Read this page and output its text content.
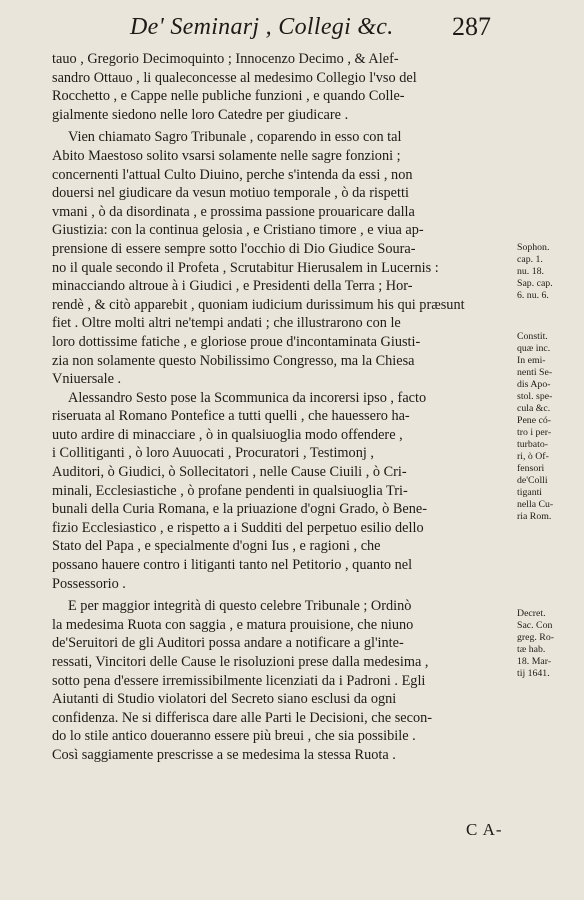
De' Seminarj , Collegi &c. 287
tauo , Gregorio Decimoquinto ; Innocenzo Decimo , & Alef-
sandro Ottauo , li qualeconcesse al medesimo Collegio l'vso del
Rocchetto , e Cappe nelle publiche funzioni , e quando Colle-
gialmente siedono nelle loro Catedre per giudicare .
Vien chiamato Sagro Tribunale , coparendo in esso con tal
Abito Maestoso solito vsarsi solamente nelle sagre fonzioni ;
concernenti l'attual Culto Diuino, perche s'intenda da essi , non
douersi nel giudicare da vesun motiuo temporale , ò da rispetti
vmani , ò da disordinata , e prossima passione prouaricare dalla
Giustizia: con la continua gelosia , e Cristiano timore , e viua ap-
prensione di essere sempre sotto l'occhio di Dio Giudice Soura-
no il quale secondo il Profeta , Scrutabitur Hierusalem in Lucernis :
minacciando altroue à i Giudici , e Presidenti della Terra ; Hor-
rendè , & citò apparebit , quoniam iudicium durissimum his qui præsunt
fiet . Oltre molti altri ne'tempi andati ; che illustrarono con le
loro dottissime fatiche , e gloriose proue d'incontaminata Giusti-
zia non solamente questo Nobilissimo Congresso, ma la Chiesa
Vniuersale .
Alessandro Sesto pose la Scommunica da incorersi ipso , facto
riseruata al Romano Pontefice a tutti quelli , che hauessero ha-
uuto ardire di minacciare , ò in qualsiuoglia modo offendere ,
i Collitiganti , ò loro Auuocati , Procuratori , Testimonj ,
Auditori, ò Giudici, ò Sollecitatori , nelle Cause Ciuili , ò Cri-
minali, Ecclesiastiche , ò profane pendenti in qualsiuoglia Tri-
bunali della Curia Romana, e la priuazione d'ogni Grado, ò Bene-
fizio Ecclesiastico , e rispetto a i Sudditi del perpetuo esilio dello
Stato del Papa , e specialmente d'ogni Ius , e ragioni , che
possano hauere contro i litiganti tanto nel Petitorio , quanto nel
Possessorio .
E per maggior integrità di questo celebre Tribunale ; Ordinò
la medesima Ruota con saggia , e matura prouisione, che niuno
de'Seruitori de gli Auditori possa andare a notificare a gl'inte-
ressati, Vincitori delle Cause le risoluzioni prese dalla medesima ,
sotto pena d'essere irremissibilmente licenziati da i Padroni . Egli
Aiutanti di Studio violatori del Secreto siano esclusi da ogni
confidenza. Ne si differisca dare alle Parti le Decisioni, che secon-
do lo stile antico doueranno essere più breui , che sia possibile .
Così saggiamente prescrisse a se medesima la stessa Ruota .
Sophon.
cap. 1.
nu. 18.
Sap. cap.
6. nu. 6.
Constit.
quæ inc.
In emi-
nenti Se-
dis Apo-
stol. spe-
cula &c.
Pene có-
tro i per-
turbato-
ri, ò Of-
fensori
de'Colli
tiganti
nella Cu-
ria Rom.
Decret.
Sac. Con
greg. Ro-
tæ hab.
18. Mar-
tij 1641.
C A-
